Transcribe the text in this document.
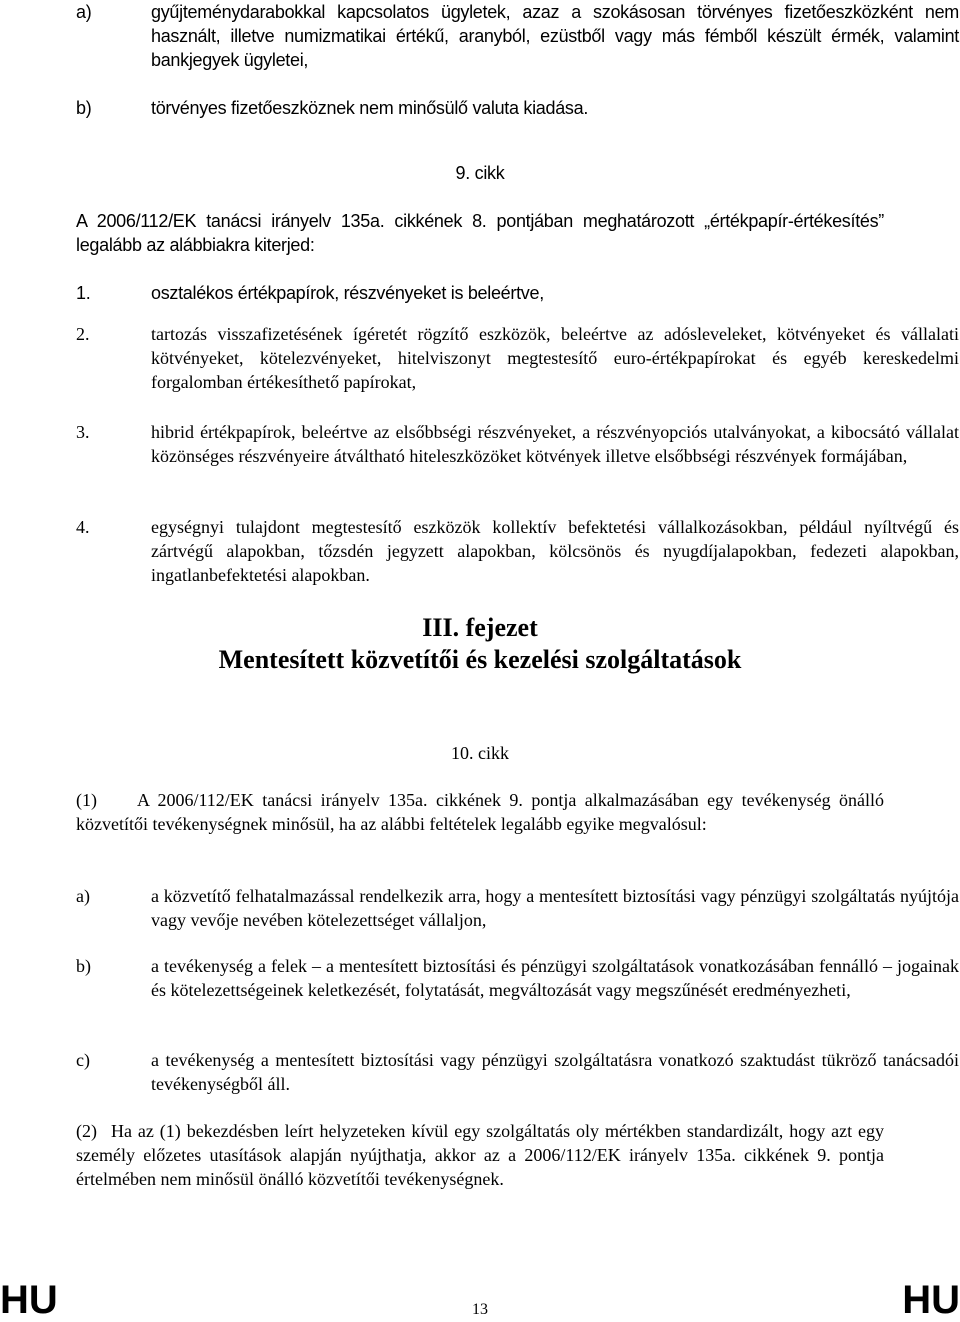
a)	gyűjteménydarabokkal kapcsolatos ügyletek, azaz a szokásosan törvényes fizetőeszközként nem használt, illetve numizmatikai értékű, aranyból, ezüstből vagy más fémből készült érmék, valamint bankjegyek ügyletei,
b)	törvényes fizetőeszköznek nem minősülő valuta kiadása.
9. cikk
A 2006/112/EK tanácsi irányelv 135a. cikkének 8. pontjában meghatározott „értékpapír-értékesítés” legalább az alábbiakra kiterjed:
1.	osztalékos értékpapírok, részvényeket is beleértve,
2.	tartozás visszafizetésének ígéretét rögzítő eszközök, beleértve az adósleveleket, kötvényeket és vállalati kötvényeket, kötelezvényeket, hitelviszonyt megtestesítő euro-értékpapírokat és egyéb kereskedelmi forgalomban értékesíthető papírokat,
3.	hibrid értékpapírok, beleértve az elsőbbségi részvényeket, a részvényopciós utalványokat, a kibocsátó vállalat közönséges részvényeire átváltható hiteleszközöket kötvények illetve elsőbbségi részvények formájában,
4.	egységnyi tulajdont megtestesítő eszközök kollektív befektetési vállalkozásokban, például nyíltvégű és zártvégű alapokban, tőzsdén jegyzett alapokban, kölcsönös és nyugdíjalapokban, fedezeti alapokban, ingatlanbefektetési alapokban.
III. fejezet
Mentesített közvetítői és kezelési szolgáltatások
10. cikk
(1) A 2006/112/EK tanácsi irányelv 135a. cikkének 9. pontja alkalmazásában egy tevékenység önálló közvetítői tevékenységnek minősül, ha az alábbi feltételek legalább egyike megvalósul:
a)	a közvetítő felhatalmazással rendelkezik arra, hogy a mentesített biztosítási vagy pénzügyi szolgáltatás nyújtója vagy vevője nevében kötelezettséget vállaljon,
b)	a tevékenység a felek – a mentesített biztosítási és pénzügyi szolgáltatások vonatkozásában fennálló – jogainak és kötelezettségeinek keletkezését, folytatását, megváltozását vagy megszűnését eredményezheti,
c)	a tevékenység a mentesített biztosítási vagy pénzügyi szolgáltatásra vonatkozó szaktudást tükröző tanácsadói tevékenységből áll.
(2) Ha az (1) bekezdésben leírt helyzeteken kívül egy szolgáltatás oly mértékben standardizált, hogy azt egy személy előzetes utasítások alapján nyújthatja, akkor az a 2006/112/EK irányelv 135a. cikkének 9. pontja értelmében nem minősül önálló közvetítői tevékenységnek.
HU	13	HU
